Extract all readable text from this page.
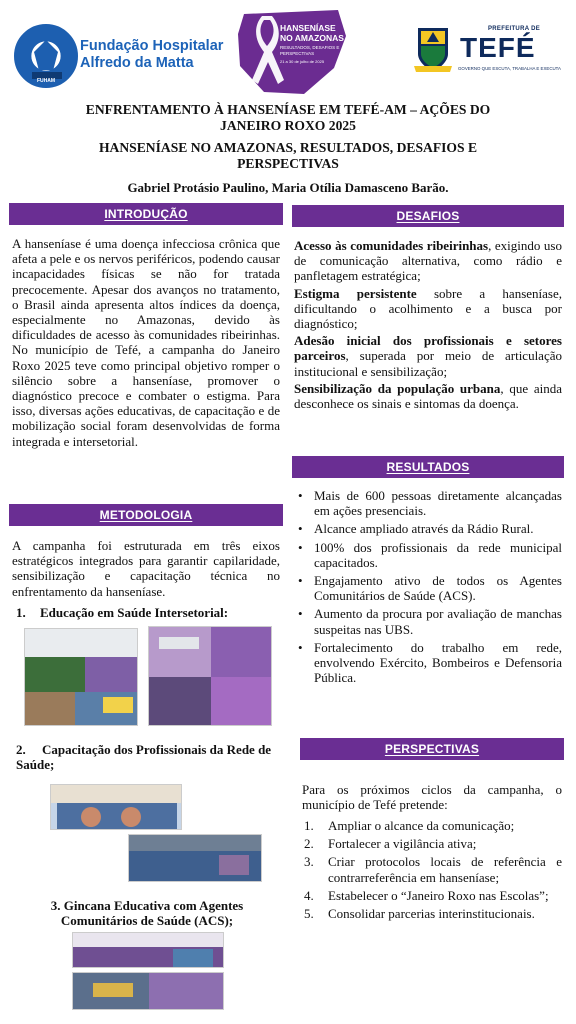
FUHAM
Fundação Hospitalar
Alfredo da Matta
HANSENÍASE NO AMAZONAS
RESULTADOS, DESAFIOS E PERSPECTIVAS
21 a 30 de julho de 2025
PREFEITURA DE
TEFÉ
GOVERNO QUE ESCUTA, TRABALHA E EXECUTA
ENFRENTAMENTO À HANSENÍASE EM TEFÉ-AM – AÇÕES DO JANEIRO ROXO 2025
HANSENÍASE NO AMAZONAS, RESULTADOS, DESAFIOS E PERSPECTIVAS
Gabriel Protásio Paulino, Maria Otília Damasceno Barão.
INTRODUÇÃO
A hanseníase é uma doença infecciosa crônica que afeta a pele e os nervos periféricos, podendo causar incapacidades físicas se não for tratada precocemente. Apesar dos avanços no tratamento, o Brasil ainda apresenta altos índices da doença, especialmente no Amazonas, devido às dificuldades de acesso às comunidades ribeirinhas. No município de Tefé, a campanha do Janeiro Roxo 2025 teve como principal objetivo romper o silêncio sobre a hanseníase, promover o diagnóstico precoce e combater o estigma. Para isso, diversas ações educativas, de capacitação e de mobilização social foram desenvolvidas de forma integrada e intersetorial.
METODOLOGIA
A campanha foi estruturada em três eixos estratégicos integrados para garantir capilaridade, sensibilização e capacitação técnica no enfrentamento da hanseníase.
1. Educação em Saúde Intersetorial:
2. Capacitação dos Profissionais da Rede de Saúde;
3. Gincana Educativa com Agentes Comunitários de Saúde (ACS);
DESAFIOS

Acesso às comunidades ribeirinhas, exigindo uso de comunicação alternativa, como rádio e panfletagem estratégica;

Estigma persistente sobre a hanseníase, dificultando o acolhimento e a busca por diagnóstico;

Adesão inicial dos profissionais e setores parceiros, superada por meio de articulação institucional e sensibilização;

Sensibilização da população urbana, que ainda desconhece os sinais e sintomas da doença.

RESULTADOS
• Mais de 600 pessoas diretamente alcançadas em ações presenciais.
• Alcance ampliado através da Rádio Rural.
• 100% dos profissionais da rede municipal capacitados.
• Engajamento ativo de todos os Agentes Comunitários de Saúde (ACS).
• Aumento da procura por avaliação de manchas suspeitas nas UBS.
• Fortalecimento do trabalho em rede, envolvendo Exército, Bombeiros e Defensoria Pública.
PERSPECTIVAS
Para os próximos ciclos da campanha, o município de Tefé pretende:
1. Ampliar o alcance da comunicação;
2. Fortalecer a vigilância ativa;
3. Criar protocolos locais de referência e contrarreferência em hanseníase;
4. Estabelecer o “Janeiro Roxo nas Escolas”;
5. Consolidar parcerias interinstitucionais.
